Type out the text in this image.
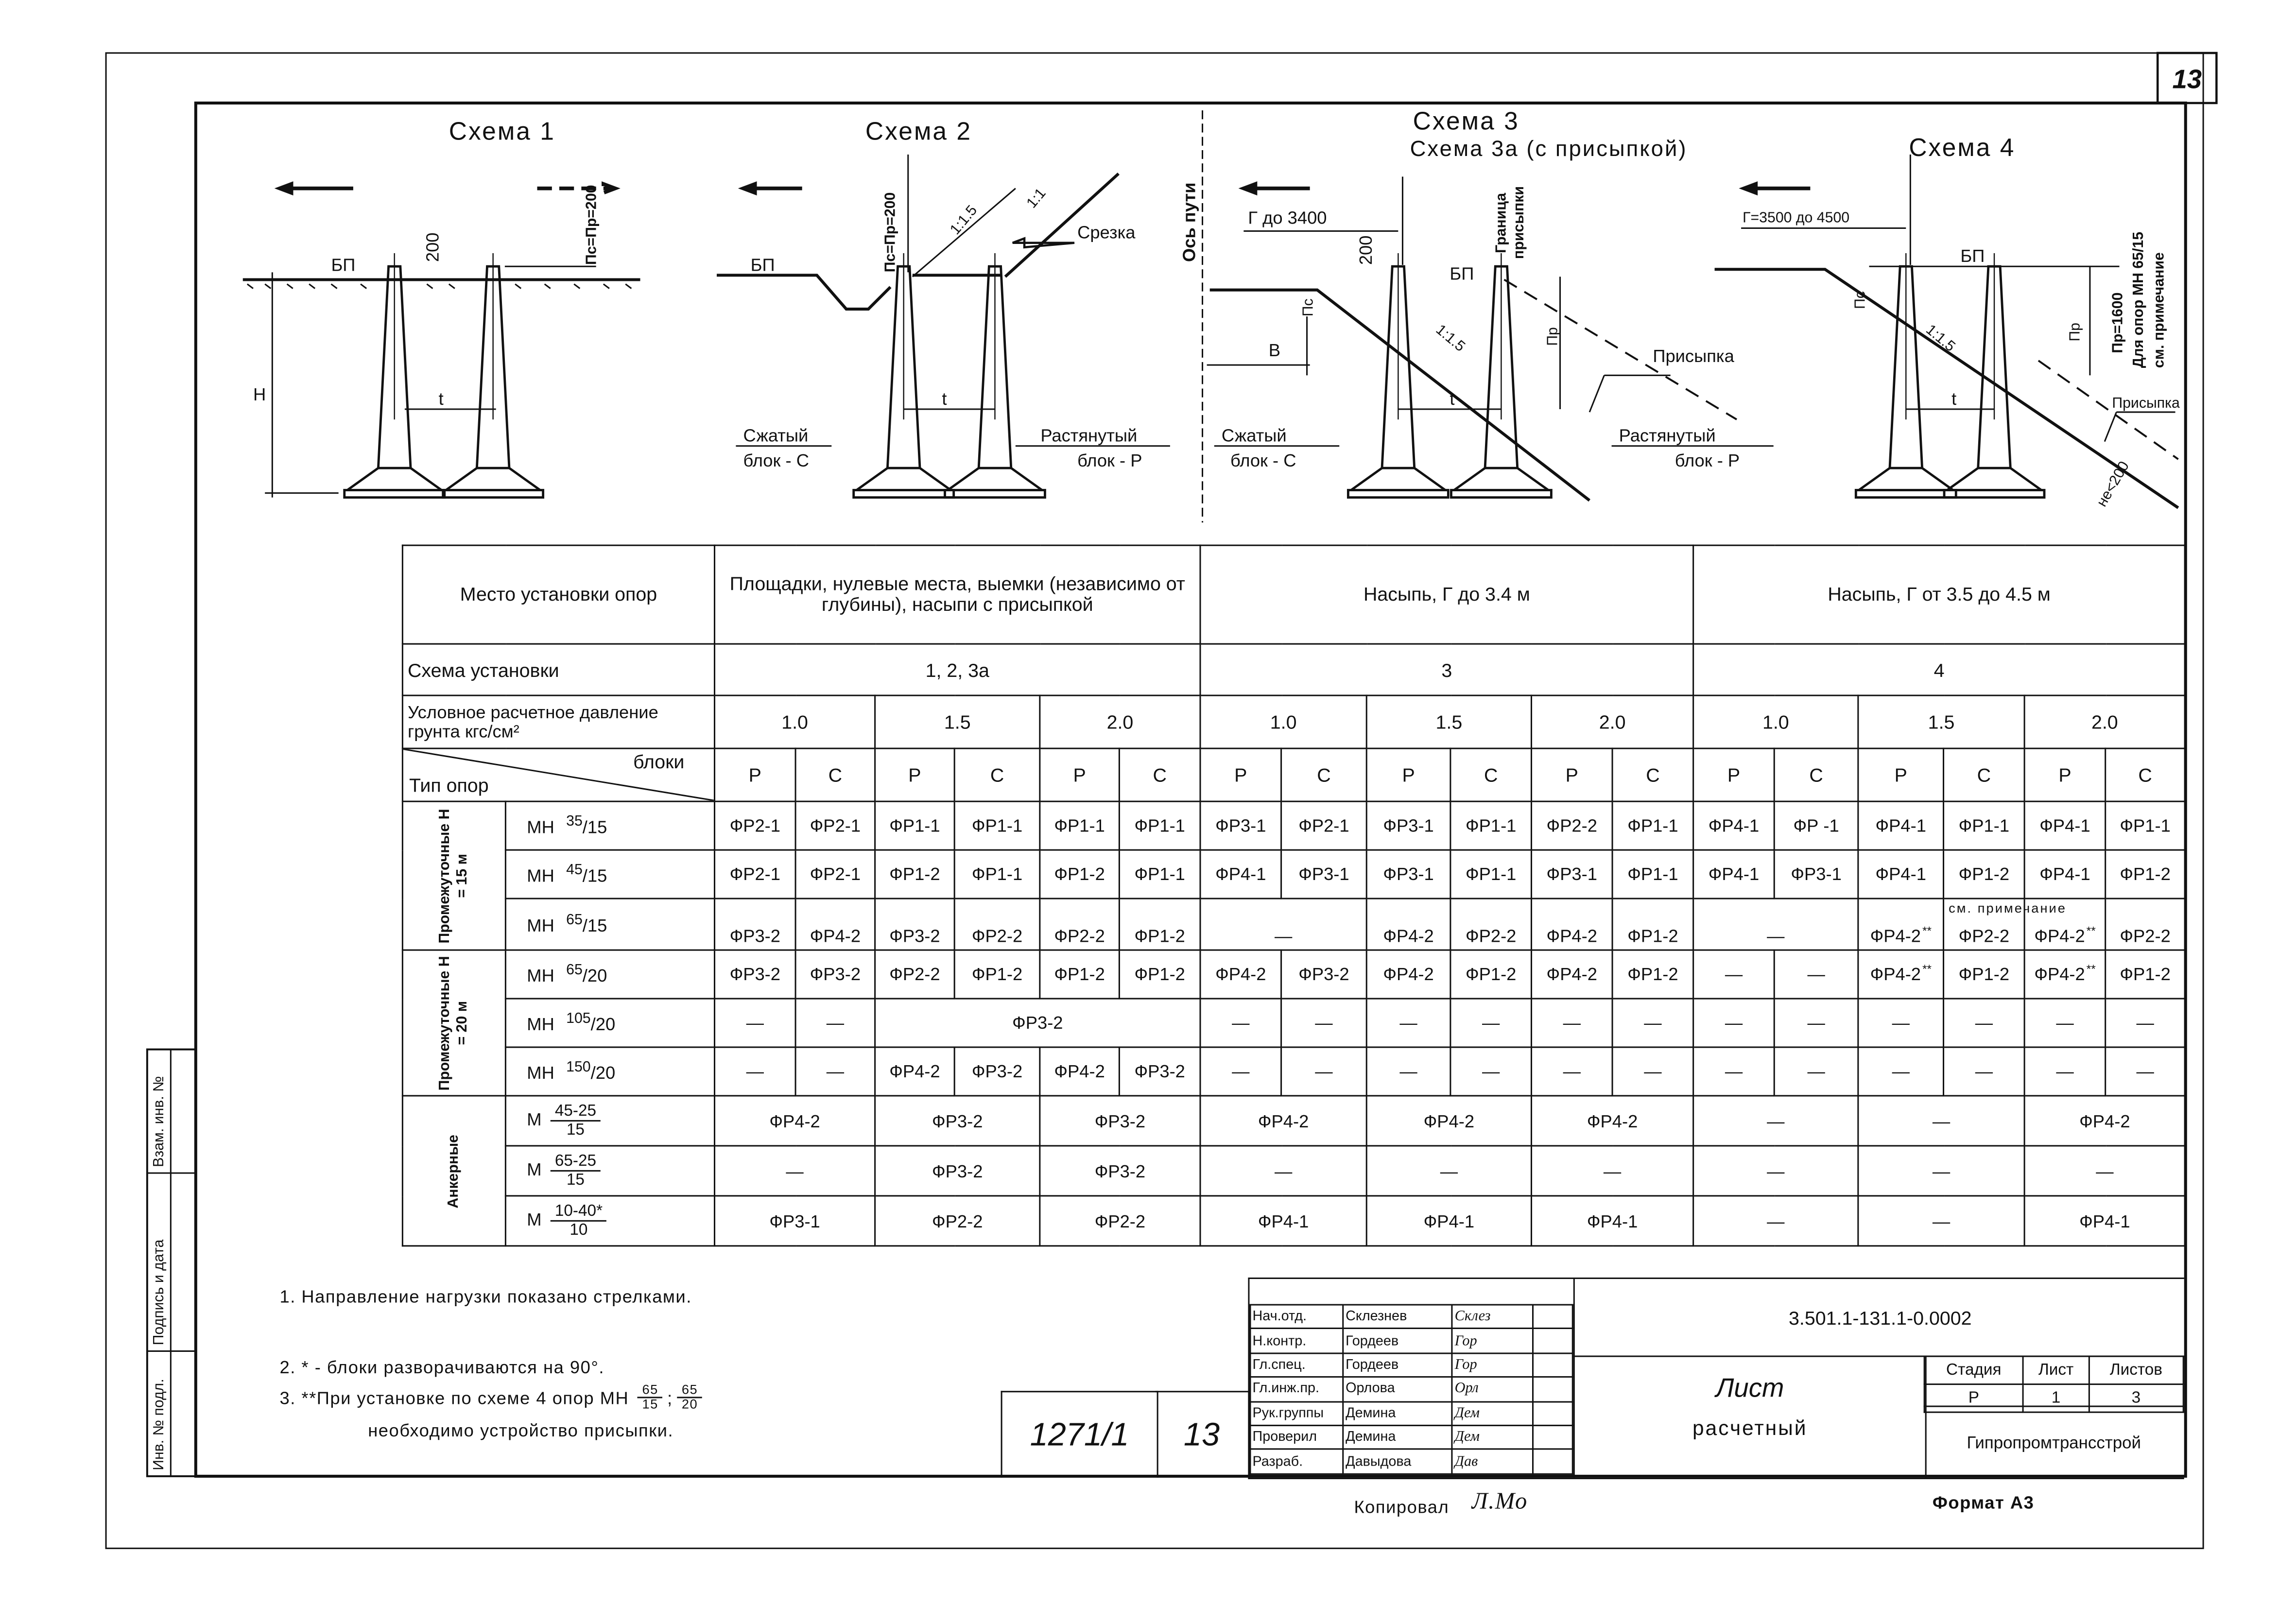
13
Взам. инв. №
Подпись и дата
Инв. № подл.
Схема 1
БП
200	Пс=Пр=200
Н	t
Схема 2
БП	Пс=Пр=200	1:1.5
1:1
Срезка
t
Сжатый
блок - С
Растянутый
блок - Р
Ось пути
Схема 3
Схема 3а (с присыпкой)
Г до 3400
200	Граница присыпки
БП
Пс
Пр
В	1:1.5
Присыпка
t
Сжатый
блок - С
Растянутый
блок - Р
Схема 4
Г=3500 до 4500
БП
Пс
1:1.5	Пр	Пр=1600 Для опор МН 65/15 см. примечание
Присыпка
не<200
t
Место установки опор		Площадки, нулевые места, выемки (независимо от глубины), насыпи с присыпкой						Насыпь, Г до 3.4 м						Насыпь, Г от 3.5 до 4.5 м					
Схема установки		1, 2, 3а						3						4					
Условное расчетное давление грунта кгс/см²		1.0		1.5		2.0		1.0		1.5		2.0		1.0		1.5		2.0	

Тип опор
блоки		Р	С	Р	С	Р	С	Р	С	Р	С	Р	С	Р	С	Р	С	Р	С

Промежуточные Н = 15 м	МН $^{35}$/15	ФР2-1	ФР2-1	ФР1-1	ФР1-1	ФР1-1	ФР1-1	ФР3-1	ФР2-1	ФР3-1	ФР1-1	ФР2-2	ФР1-1	ФР4-1	ФР -1	ФР4-1	ФР1-1	ФР4-1	ФР1-1
	МН $^{45}$/15	ФР2-1	ФР2-1	ФР1-2	ФР1-1	ФР1-2	ФР1-1	ФР4-1	ФР3-1	ФР3-1	ФР1-1	ФР3-1	ФР1-1	ФР4-1	ФР3-1	ФР4-1	ФР1-2	ФР4-1	ФР1-2
	МН $^{65}$/15	ФР3-2	ФР4-2	ФР3-2	ФР2-2	ФР2-2	ФР1-2	—		ФР4-2	ФР2-2	ФР4-2	ФР1-2	—		ФР4-2 **	ФР2-2	ФР4-2 **	ФР2-2

Промежуточные Н = 20 м	МН $^{65}$/20	ФР3-2	ФР3-2	ФР2-2	ФР1-2	ФР1-2	ФР1-2	ФР4-2	ФР3-2	ФР4-2	ФР1-2	ФР4-2	ФР1-2	—	—	ФР4-2 **	ФР1-2	ФР4-2 **	ФР1-2
	МН $^{105}$/20	—	—	ФР3-2				—	—	—	—	—	—	—	—	—	—	—	—
	МН $^{150}$/20	—	—	ФР4-2	ФР3-2	ФР4-2	ФР3-2	—	—	—	—	—	—	—	—	—	—	—	—

Анкерные	М $\frac{45-25}{15}$	ФР4-2		ФР3-2		ФР3-2		ФР4-2		ФР4-2		ФР4-2		—		—		ФР4-2	
	М $\frac{65-25}{15}$	—		ФР3-2		ФР3-2		—		—		—		—		—		—	
	М $\frac{10-40*}{10}$	ФР3-1		ФР2-2		ФР2-2		ФР4-1		ФР4-1		ФР4-1		—		—		ФР4-1	
см. примечание
1. Направление нагрузки показано стрелками.
2. * - блоки разворачиваются на 90°.
3. **При установке по схеме 4 опор МН $\frac{65}{15}$ ; $\frac{65}{20}$
необходимо устройство присыпки.	1271/1	13
Нач.отд.	Склезнев	Склез	
Н.контр.	Гордеев	Гор	
Гл.спец.	Гордеев	Гор	
Гл.инж.пр.	Орлова	Орл	
Рук.группы	Демина	Дем	
Проверил	Демина	Дем	
Разраб.	Давыдова	Дав	
3.501.1-131.1-0.0002
Лист
расчетный
Стадия	Лист	Листов
Р	1	3
Гипропромтрансстрой
Копировал	Л.Мо	Формат А3
